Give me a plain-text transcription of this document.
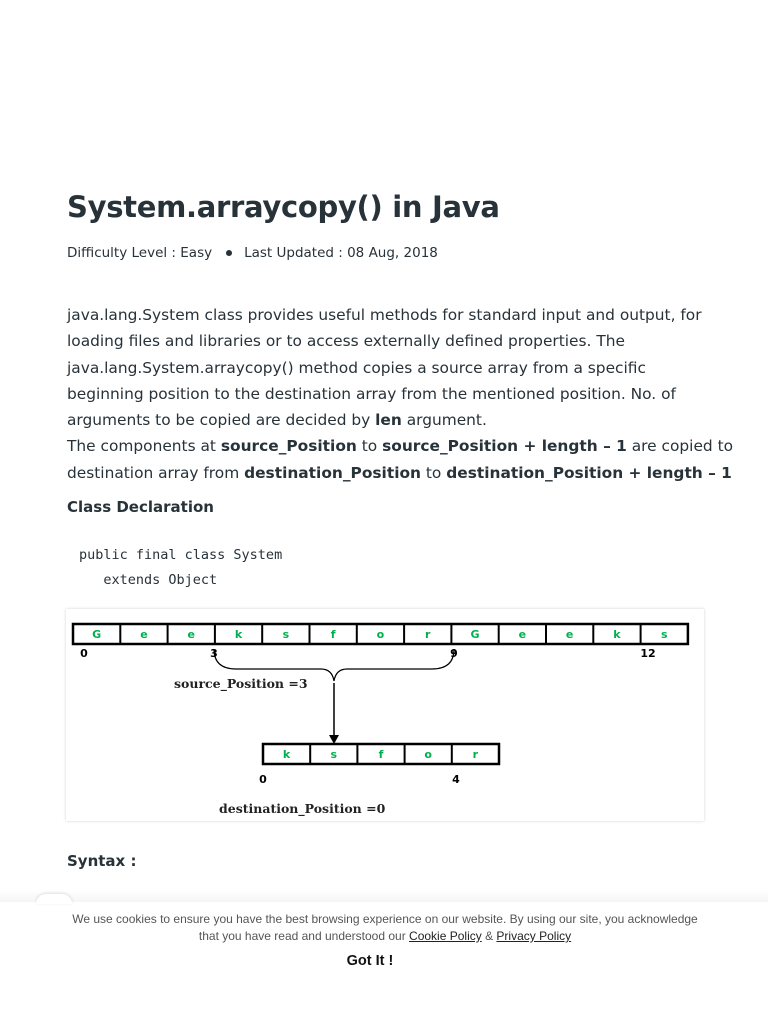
System.arraycopy() in Java
Difficulty Level : Easy Last Updated : 08 Aug, 2018
java.lang.System class provides useful methods for standard input and output, for
loading files and libraries or to access externally defined properties. The
java.lang.System.arraycopy() method copies a source array from a specific
beginning position to the destination array from the mentioned position. No. of
arguments to be copied are decided by len argument.
The components at source_Position to source_Position + length – 1 are copied to
destination array from destination_Position to destination_Position + length – 1
Class Declaration
public final class System
extends Object
G	e	e	k	s	f	o	r	G	e	e	k	s
0	3	9	12
source_Position =3
k	s	f	o	r
0	4
destination_Position =0
Syntax :
We use cookies to ensure you have the best browsing experience on our website. By using our site, you acknowledge
that you have read and understood our Cookie Policy & Privacy Policy
Got It !
